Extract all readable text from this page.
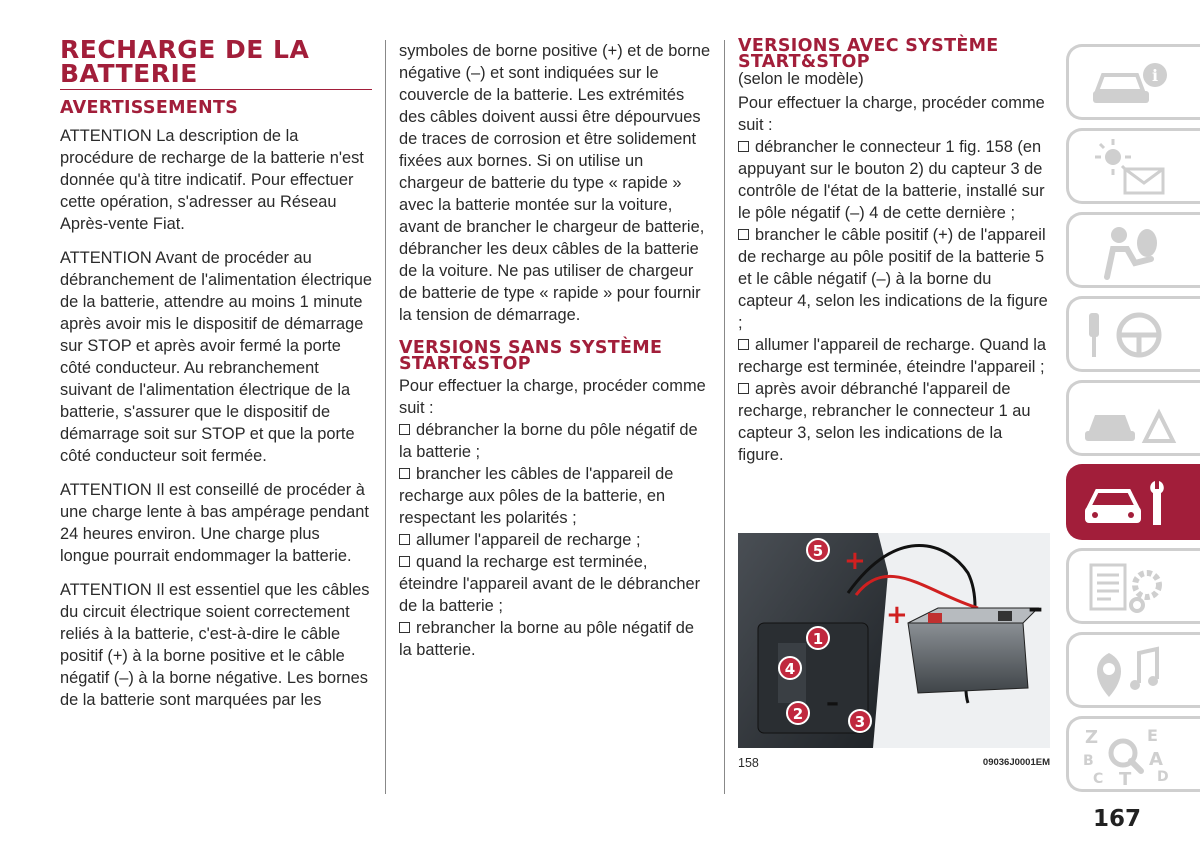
RECHARGE DE LA BATTERIE
AVERTISSEMENTS

ATTENTION La description de la procédure de recharge de la batterie n'est donnée qu'à titre indicatif. Pour effectuer cette opération, s'adresser au Réseau Après-vente Fiat.

ATTENTION Avant de procéder au débranchement de l'alimentation électrique de la batterie, attendre au moins 1 minute après avoir mis le dispositif de démarrage sur STOP et après avoir fermé la porte côté conducteur. Au rebranchement suivant de l'alimentation électrique de la batterie, s'assurer que le dispositif de démarrage soit sur STOP et que la porte côté conducteur soit fermée.

ATTENTION Il est conseillé de procéder à une charge lente à bas ampérage pendant 24 heures environ. Une charge plus longue pourrait endommager la batterie.

ATTENTION Il est essentiel que les câbles du circuit électrique soient correctement reliés à la batterie, c'est-à-dire le câble positif (+) à la borne positive et le câble négatif (–) à la borne négative. Les bornes de la batterie sont marquées par les

symboles de borne positive (+) et de borne négative (–) et sont indiquées sur le couvercle de la batterie. Les extrémités des câbles doivent aussi être dépourvues de traces de corrosion et être solidement fixées aux bornes. Si on utilise un chargeur de batterie du type « rapide » avec la batterie montée sur la voiture, avant de brancher le chargeur de batterie, débrancher les deux câbles de la batterie de la voiture. Ne pas utiliser de chargeur de batterie de type « rapide » pour fournir la tension de démarrage.

VERSIONS SANS SYSTÈME START&STOP

Pour effectuer la charge, procéder comme suit :

débrancher la borne du pôle négatif de la batterie ;

brancher les câbles de l'appareil de recharge aux pôles de la batterie, en respectant les polarités ;

allumer l'appareil de recharge ;

quand la recharge est terminée, éteindre l'appareil avant de le débrancher de la batterie ;

rebrancher la borne au pôle négatif de la batterie.

VERSIONS AVEC SYSTÈME START&STOP
(selon le modèle)

Pour effectuer la charge, procéder comme suit :

débrancher le connecteur 1 fig. 158 (en appuyant sur le bouton 2) du capteur 3 de contrôle de l'état de la batterie, installé sur le pôle négatif (–) 4 de cette dernière ;

brancher le câble positif (+) de l'appareil de recharge au pôle positif de la batterie 5 et le câble négatif (–) à la borne du capteur 4, selon les indications de la figure ;

allumer l'appareil de recharge. Quand la recharge est terminée, éteindre l'appareil ;

après avoir débranché l'appareil de recharge, rebrancher le connecteur 1 au capteur 3, selon les indications de la figure.

+	–
+
–
5
1
4
2	3
158	09036J0001EM
i
Z	E
B	A
C T D
167
